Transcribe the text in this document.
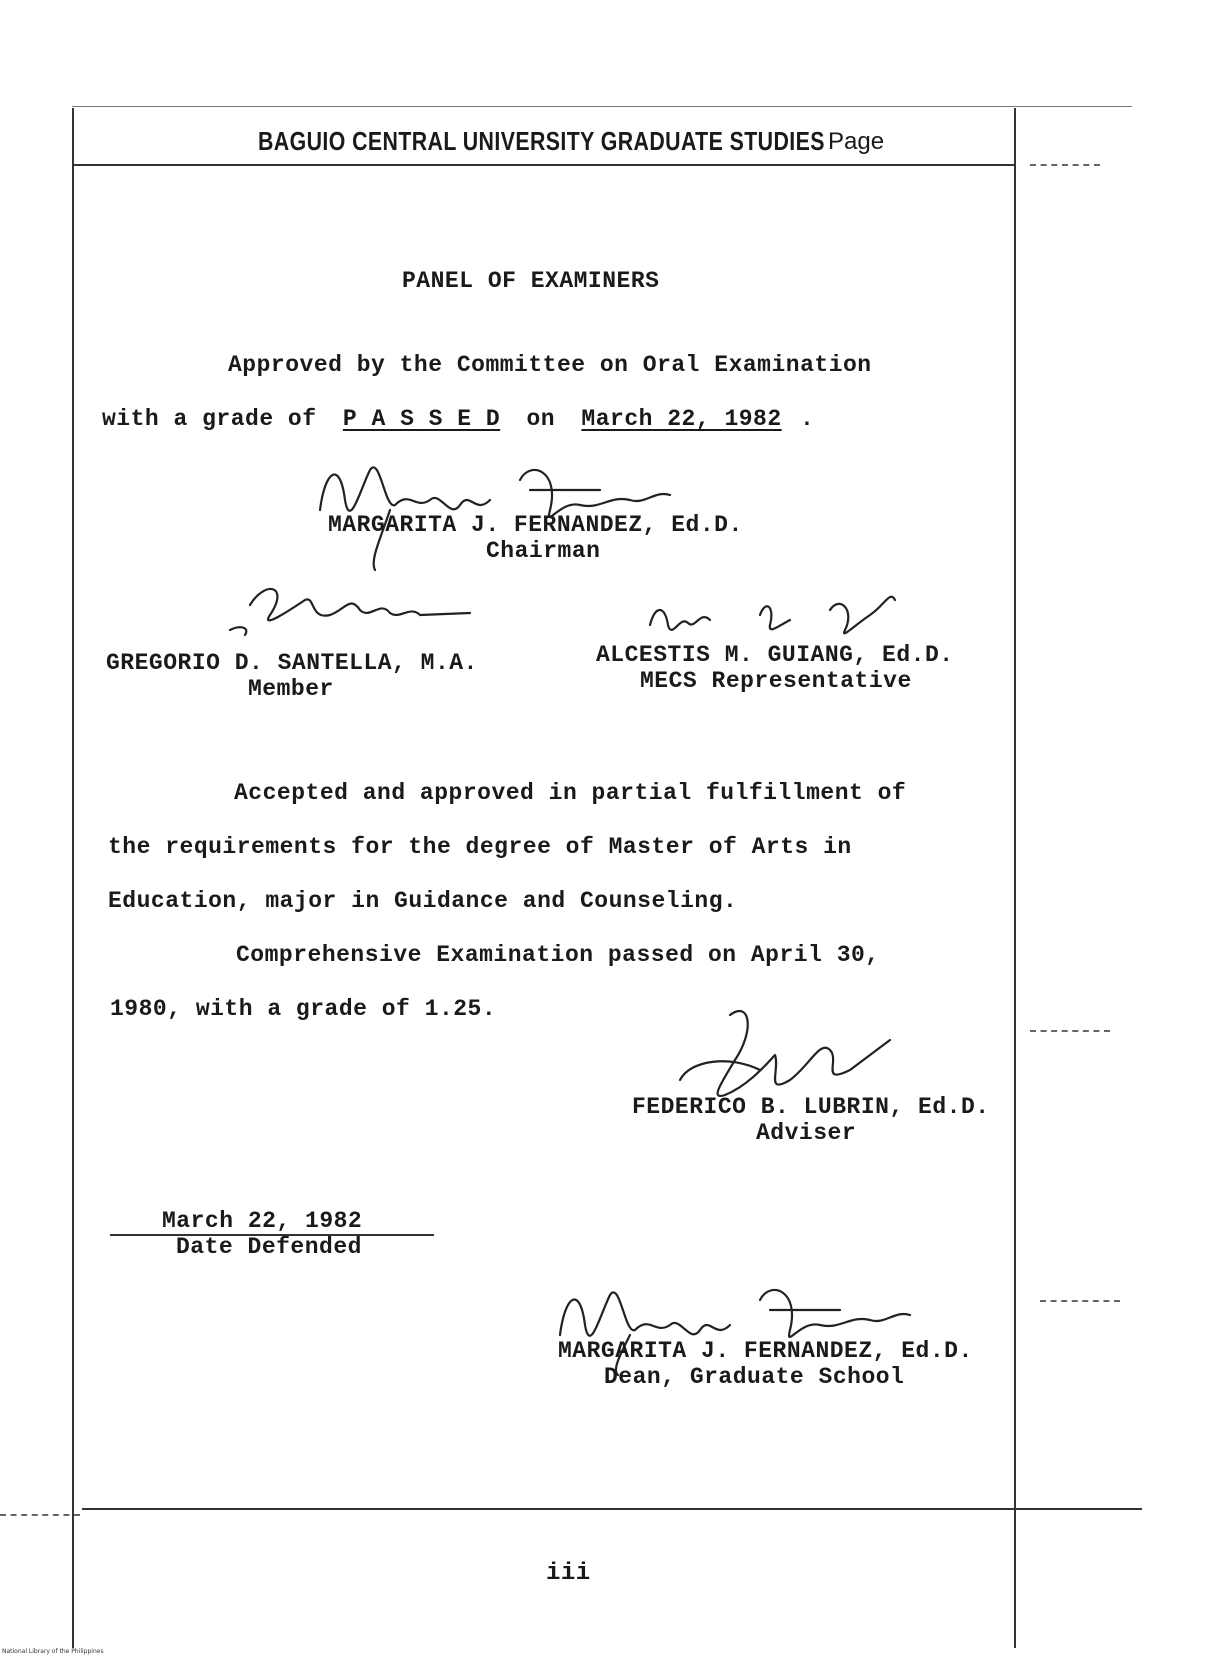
BAGUIO CENTRAL UNIVERSITY GRADUATE STUDIES Page
PANEL OF EXAMINERS
Approved by the Committee on Oral Examination
with a grade of P A S S E D on March 22, 1982 .
MARGARITA J. FERNANDEZ, Ed.D.
Chairman
GREGORIO D. SANTELLA, M.A.
Member
ALCESTIS M. GUIANG, Ed.D.
MECS Representative
Accepted and approved in partial fulfillment of
the requirements for the degree of Master of Arts in
Education, major in Guidance and Counseling.
Comprehensive Examination passed on April 30,
1980, with a grade of 1.25.
FEDERICO B. LUBRIN, Ed.D.
Adviser
March 22, 1982
Date Defended
MARGARITA J. FERNANDEZ, Ed.D.
Dean, Graduate School
iii
National Library of the Philippines
